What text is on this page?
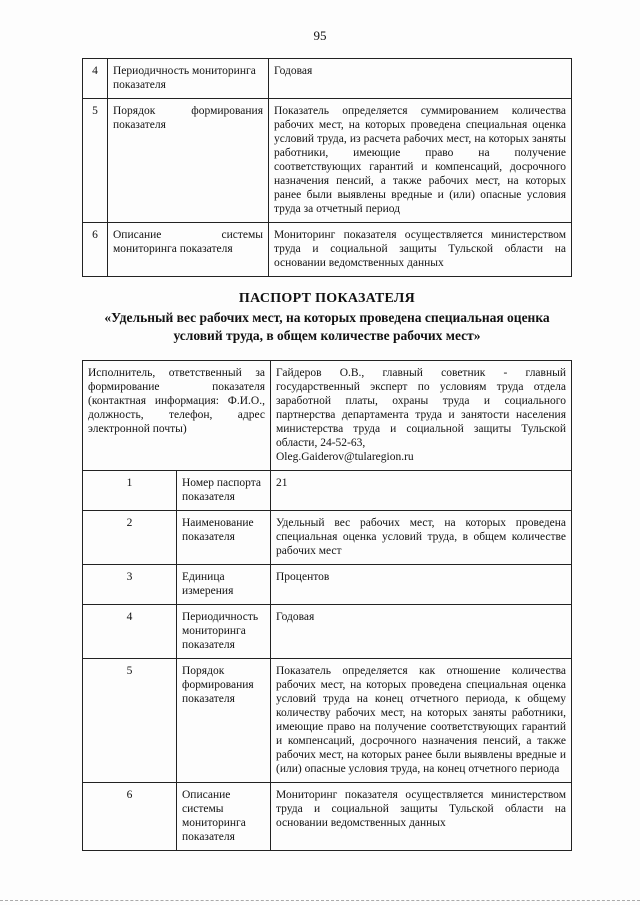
95
4	Периодичность мониторинга показателя	Годовая
5	Порядок формирования показателя	Показатель определяется суммированием количества рабочих мест, на которых проведена специальная оценка условий труда, из расчета рабочих мест, на которых заняты работники, имеющие право на получение соответствующих гарантий и компенсаций, досрочного назначения пенсий, а также рабочих мест, на которых ранее были выявлены вредные и (или) опасные условия труда за отчетный период
6	Описание системы мониторинга показателя	Мониторинг показателя осуществляется министерством труда и социальной защиты Тульской области на основании ведомственных данных
ПАСПОРТ ПОКАЗАТЕЛЯ
«Удельный вес рабочих мест, на которых проведена специальная оценка условий труда, в общем количестве рабочих мест»
Исполнитель, ответственный за формирование показателя (контактная информация: Ф.И.О., должность, телефон, адрес электронной почты)		Гайдеров О.В., главный советник - главный государственный эксперт по условиям труда отдела заработной платы, охраны труда и социального партнерства департамента труда и занятости населения министерства труда и социальной защиты Тульской области, 24-52-63,
Oleg.Gaiderov@tularegion.ru
1	Номер паспорта показателя	21
2	Наименование показателя	Удельный вес рабочих мест, на которых проведена специальная оценка условий труда, в общем количестве рабочих мест
3	Единица измерения	Процентов
4	Периодичность мониторинга показателя	Годовая
5	Порядок формирования показателя	Показатель определяется как отношение количества рабочих мест, на которых проведена специальная оценка условий труда на конец отчетного периода, к общему количеству рабочих мест, на которых заняты работники, имеющие право на получение соответствующих гарантий и компенсаций, досрочного назначения пенсий, а также рабочих мест, на которых ранее были выявлены вредные и (или) опасные условия труда, на конец отчетного периода
6	Описание системы мониторинга показателя	Мониторинг показателя осуществляется министерством труда и социальной защиты Тульской области на основании ведомственных данных
